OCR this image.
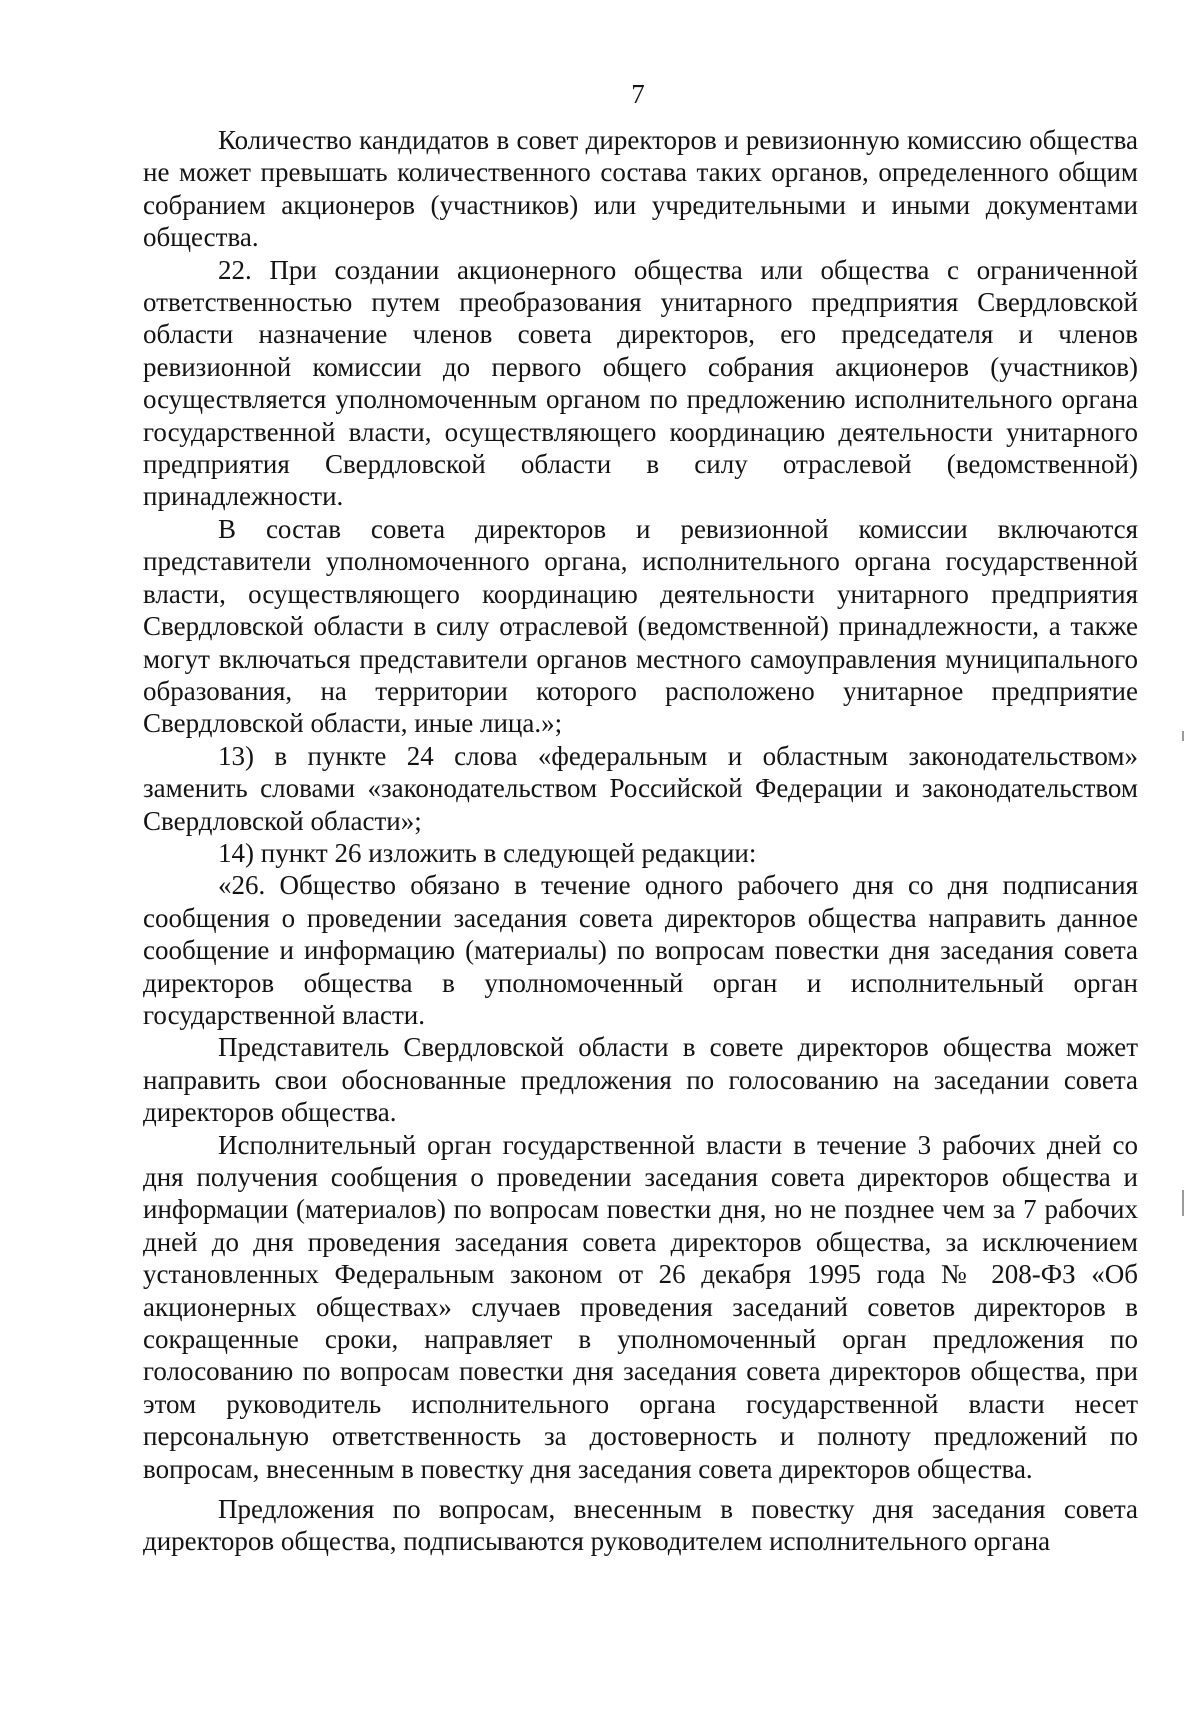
7

Количество кандидатов в совет директоров и ревизионную комиссию общества не может превышать количественного состава таких органов, определенного общим собранием акционеров (участников) или учредительными и иными документами общества.

22. При создании акционерного общества или общества с ограниченной ответственностью путем преобразования унитарного предприятия Свердловской области назначение членов совета директоров, его председателя и членов ревизионной комиссии до первого общего собрания акционеров (участников) осуществляется уполномоченным органом по предложению исполнительного органа государственной власти, осуществляющего координацию деятельности унитарного предприятия Свердловской области в силу отраслевой (ведомственной) принадлежности.

В состав совета директоров и ревизионной комиссии включаются представители уполномоченного органа, исполнительного органа государственной власти, осуществляющего координацию деятельности унитарного предприятия Свердловской области в силу отраслевой (ведомственной) принадлежности, а также могут включаться представители органов местного самоуправления муниципального образования, на территории которого расположено унитарное предприятие Свердловской области, иные лица.»;

13) в пункте 24 слова «федеральным и областным законодательством» заменить словами «законодательством Российской Федерации и законодательством Свердловской области»;

14) пункт 26 изложить в следующей редакции:

«26. Общество обязано в течение одного рабочего дня со дня подписания сообщения о проведении заседания совета директоров общества направить данное сообщение и информацию (материалы) по вопросам повестки дня заседания совета директоров общества в уполномоченный орган и исполнительный орган государственной власти.

Представитель Свердловской области в совете директоров общества может направить свои обоснованные предложения по голосованию на заседании совета директоров общества.

Исполнительный орган государственной власти в течение 3 рабочих дней со дня получения сообщения о проведении заседания совета директоров общества и информации (материалов) по вопросам повестки дня, но не позднее чем за 7 рабочих дней до дня проведения заседания совета директоров общества, за исключением установленных Федеральным законом от 26 декабря 1995 года № 208-ФЗ «Об акционерных обществах» случаев проведения заседаний советов директоров в сокращенные сроки, направляет в уполномоченный орган предложения по голосованию по вопросам повестки дня заседания совета директоров общества, при этом руководитель исполнительного органа государственной власти несет персональную ответственность за достоверность и полноту предложений по вопросам, внесенным в повестку дня заседания совета директоров общества.

Предложения по вопросам, внесенным в повестку дня заседания совета директоров общества, подписываются руководителем исполнительного органа
